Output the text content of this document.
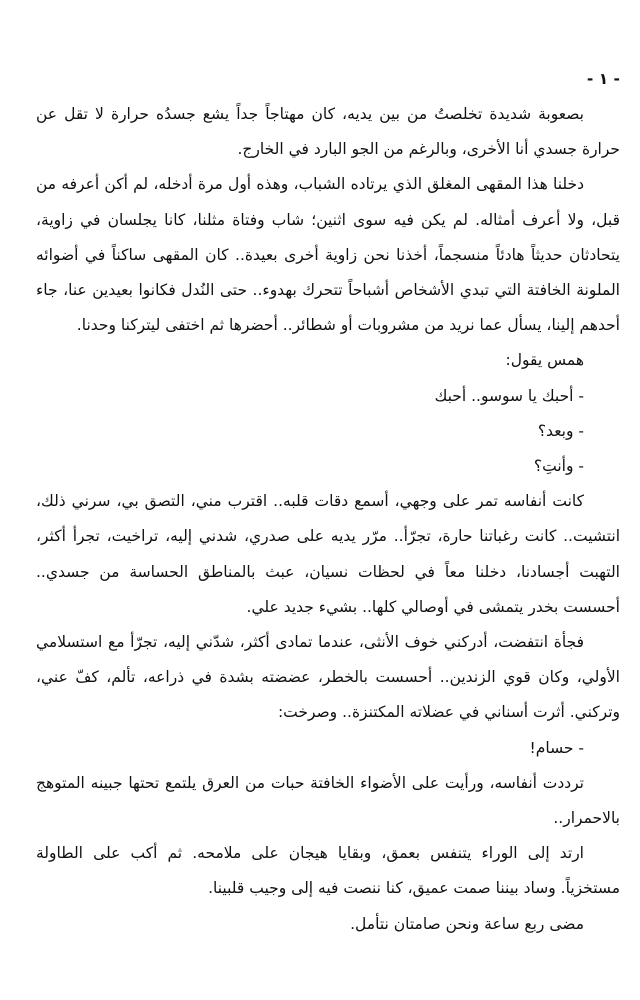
- ١ -

بصعوبة شديدة تخلصتُ من بين يديه، كان مهتاجاً جداً يشع جسدُه حرارة لا تقل عن حرارة جسدي أنا الأخرى، وبالرغم من الجو البارد في الخارج.

دخلنا هذا المقهى المغلق الذي يرتاده الشباب، وهذه أول مرة أدخله، لم أكن أعرفه من قبل، ولا أعرف أمثاله. لم يكن فيه سوى اثنين؛ شاب وفتاة مثلنا، كانا يجلسان في زاوية، يتحادثان حديثاً هادئاً منسجماً، أخذنا نحن زاوية أخرى بعيدة.. كان المقهى ساكناً في أضوائه الملونة الخافتة التي تبدي الأشخاص أشباحاً تتحرك بهدوء.. حتى النُدل فكانوا بعيدين عنا، جاء أحدهم إلينا، يسأل عما نريد من مشروبات أو شطائر.. أحضرها ثم اختفى ليتركنا وحدنا.

همس يقول:

- أحبك يا سوسو.. أحبك

- وبعد؟

- وأنتِ؟

كانت أنفاسه تمر على وجهي، أسمع دقات قلبه.. اقترب مني، التصق بي، سرني ذلك، انتشيت.. كانت رغباتنا حارة، تجرّأ.. مرّر يديه على صدري، شدني إليه، تراخيت، تجرأ أكثر، التهبت أجسادنا، دخلنا معاً في لحظات نسيان، عبث بالمناطق الحساسة من جسدي.. أحسست بخدر يتمشى في أوصالي كلها.. بشيء جديد علي.

فجأة انتفضت، أدركني خوف الأنثى، عندما تمادى أكثر، شدّني إليه، تجرّأ مع استسلامي الأولي، وكان قوي الزندين.. أحسست بالخطر، عضضته بشدة في ذراعه، تألم، كفّ عني، وتركني. أثرت أسناني في عضلاته المكتنزة.. وصرخت:

- حسام!

ترددت أنفاسه، ورأيت على الأضواء الخافتة حبات من العرق يلتمع تحتها جبينه المتوهج بالاحمرار..

ارتد إلى الوراء يتنفس بعمق، وبقايا هيجان على ملامحه. ثم أكب على الطاولة مستخزياً. وساد بيننا صمت عميق، كنا ننصت فيه إلى وجيب قلبينا.

مضى ربع ساعة ونحن صامتان نتأمل.
